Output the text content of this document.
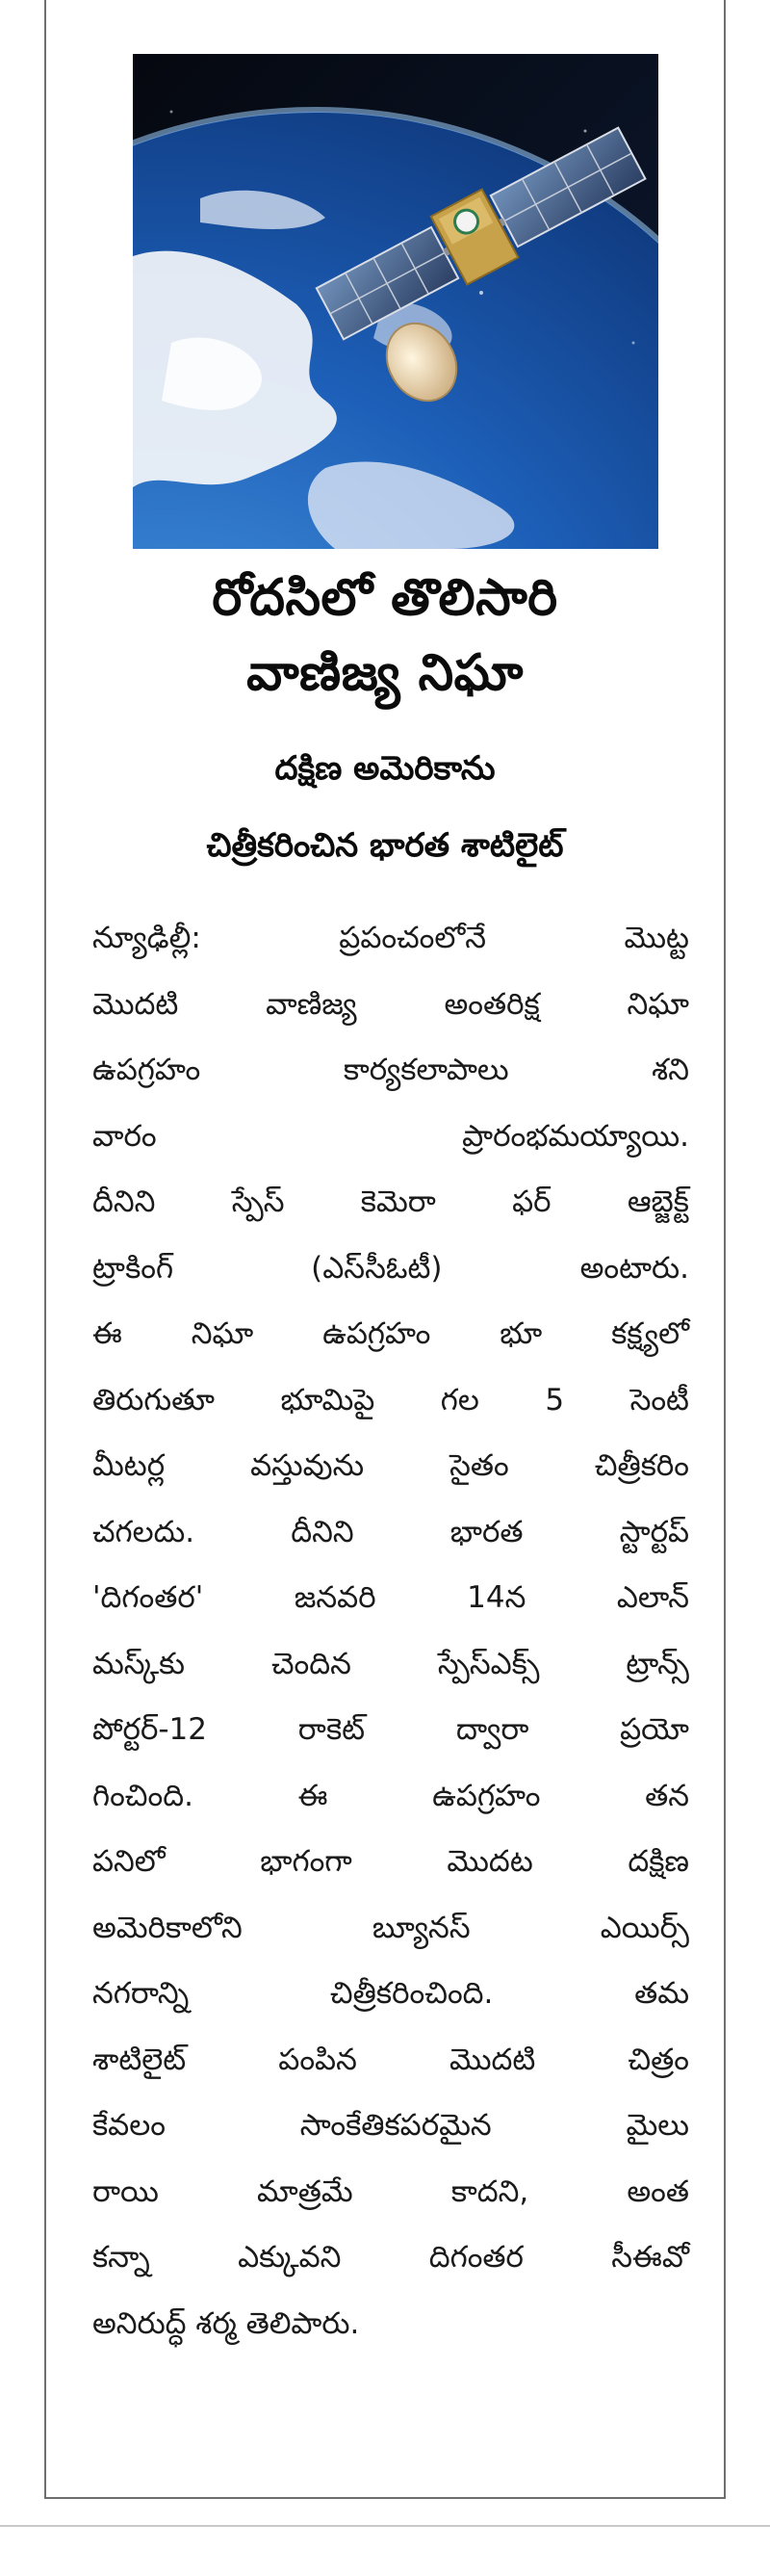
రోదసిలో తొలిసారి
వాణిజ్య నిఘా
దక్షిణ అమెరికాను
చిత్రీకరించిన భారత శాటిలైట్
న్యూఢిల్లీ: ప్రపంచంలోనే మొట్ట
మొదటి వాణిజ్య అంతరిక్ష నిఘా
ఉపగ్రహం కార్యకలాపాలు శని
వారం ప్రారంభమయ్యాయి.
దీనిని స్పేస్ కెమెరా ఫర్ ఆబ్జెక్ట్
ట్రాకింగ్ (ఎస్‌సీఓటీ) అంటారు.
ఈ నిఘా ఉపగ్రహం భూ కక్ష్యలో
తిరుగుతూ భూమిపై గల 5 సెంటీ
మీటర్ల వస్తువును సైతం చిత్రీకరిం
చగలదు. దీనిని భారత స్టార్టప్
'దిగంతర' జనవరి 14న ఎలాన్
మస్క్‌కు చెందిన స్పేస్‌ఎక్స్ ట్రాన్స్
పోర్టర్-12 రాకెట్ ద్వారా ప్రయో
గించింది. ఈ ఉపగ్రహం తన
పనిలో భాగంగా మొదట దక్షిణ
అమెరికాలోని బ్యూనస్ ఎయిర్స్
నగరాన్ని చిత్రీకరించింది. తమ
శాటిలైట్ పంపిన మొదటి చిత్రం
కేవలం సాంకేతికపరమైన మైలు
రాయి మాత్రమే కాదని, అంత
కన్నా ఎక్కువని దిగంతర సీఈవో
అనిరుద్ధ్ శర్మ తెలిపారు.
